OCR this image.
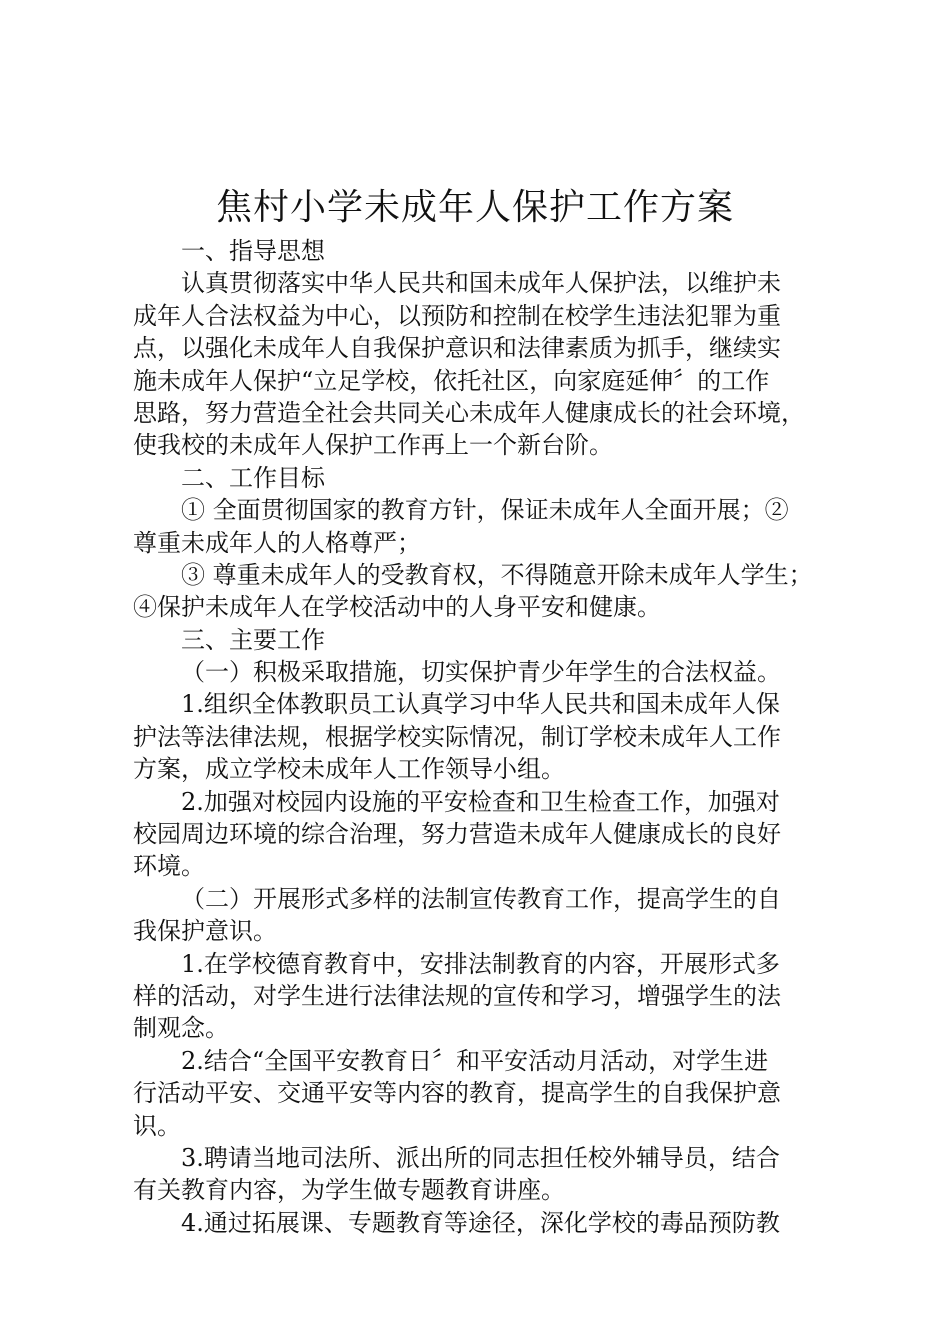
焦村小学未成年人保护工作方案
一、指导思想
认真贯彻落实中华人民共和国未成年人保护法，以维护未
成年人合法权益为中心，以预防和控制在校学生违法犯罪为重
点，以强化未成年人自我保护意识和法律素质为抓手，继续实
施未成年人保护“立足学校，依托社区，向家庭延伸〞的工作
思路，努力营造全社会共同关心未成年人健康成长的社会环境，
使我校的未成年人保护工作再上一个新台阶。
二、工作目标
① 全面贯彻国家的教育方针，保证未成年人全面开展；②
尊重未成年人的人格尊严；
③ 尊重未成年人的受教育权，不得随意开除未成年人学生；
④保护未成年人在学校活动中的人身平安和健康。
三、主要工作
（一）积极采取措施，切实保护青少年学生的合法权益。
1.组织全体教职员工认真学习中华人民共和国未成年人保
护法等法律法规，根据学校实际情况，制订学校未成年人工作
方案，成立学校未成年人工作领导小组。
2.加强对校园内设施的平安检查和卫生检查工作，加强对
校园周边环境的综合治理，努力营造未成年人健康成长的良好
环境。
（二）开展形式多样的法制宣传教育工作，提高学生的自
我保护意识。
1.在学校德育教育中，安排法制教育的内容，开展形式多
样的活动，对学生进行法律法规的宣传和学习，增强学生的法
制观念。
2.结合“全国平安教育日〞和平安活动月活动，对学生进
行活动平安、交通平安等内容的教育，提高学生的自我保护意
识。
3.聘请当地司法所、派出所的同志担任校外辅导员，结合
有关教育内容，为学生做专题教育讲座。
4.通过拓展课、专题教育等途径，深化学校的毒品预防教
